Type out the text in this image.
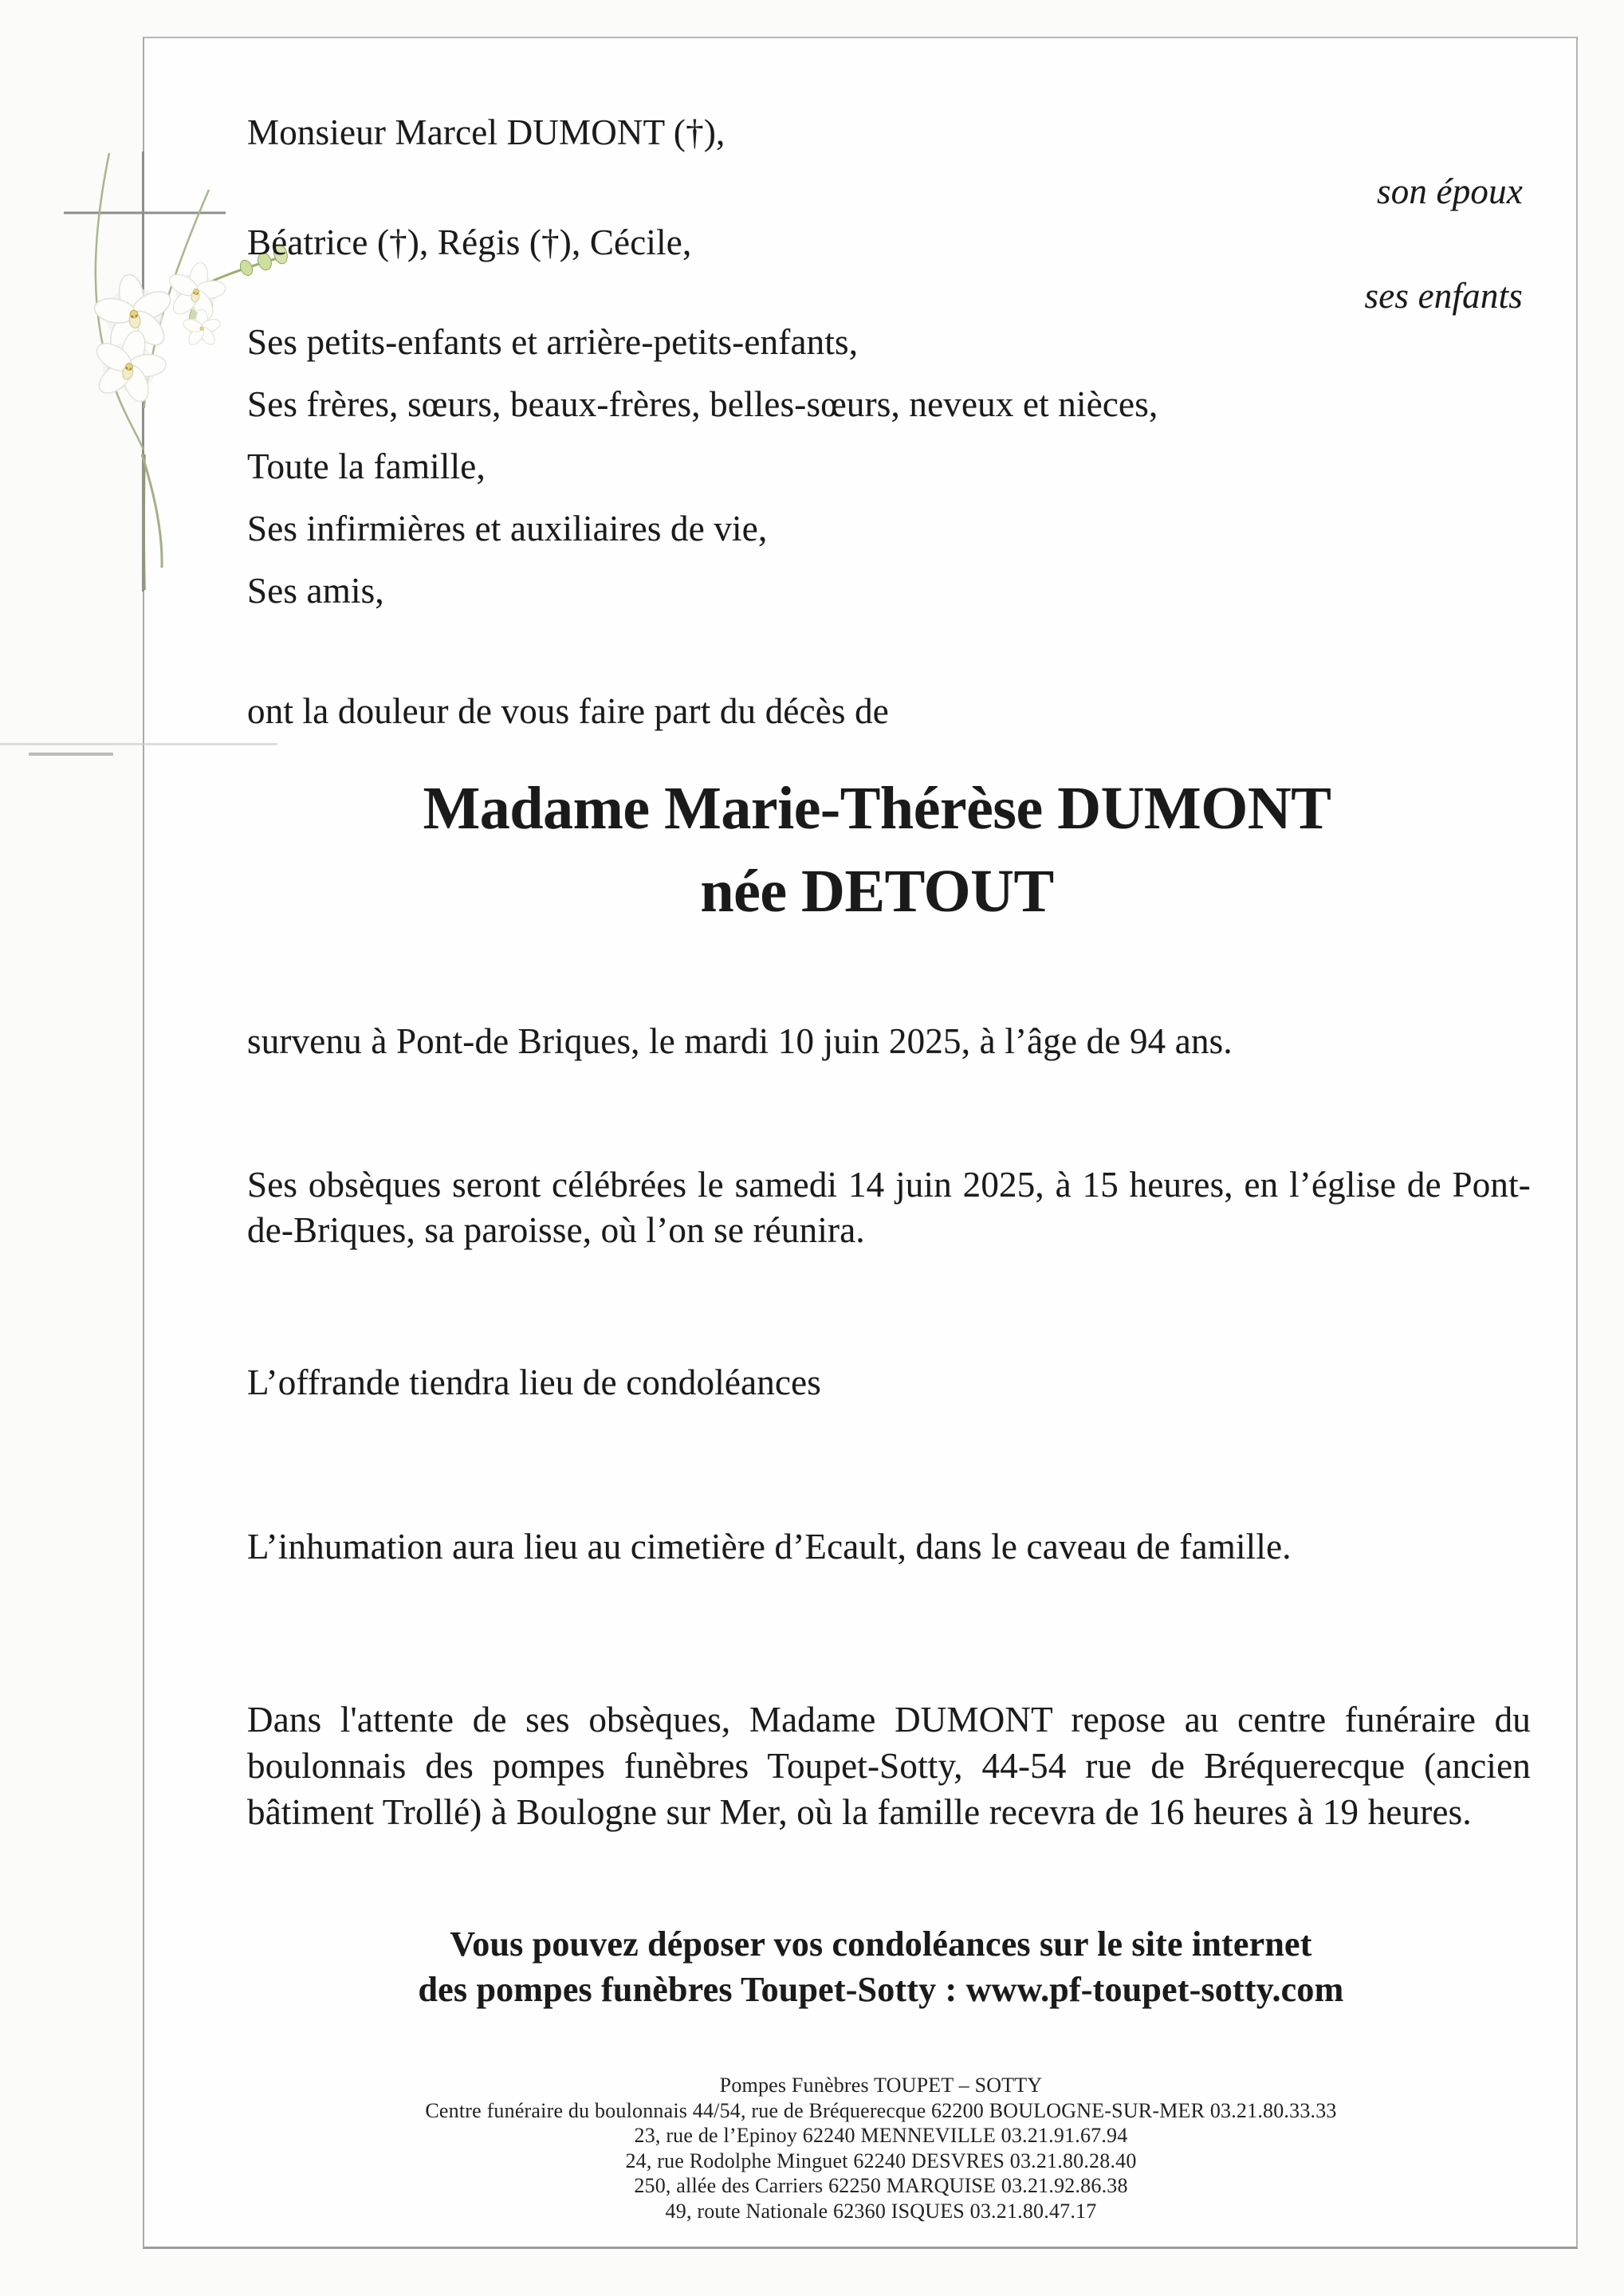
Monsieur Marcel DUMONT (†),
son époux
Béatrice (†), Régis (†), Cécile,
ses enfants
Ses petits-enfants et arrière-petits-enfants,
Ses frères, sœurs, beaux-frères, belles-sœurs, neveux et nièces,
Toute la famille,
Ses infirmières et auxiliaires de vie,
Ses amis,
ont la douleur de vous faire part du décès de
Madame Marie-Thérèse DUMONT
née DETOUT
survenu à Pont-de Briques, le mardi 10 juin 2025, à l’âge de 94 ans.
Ses obsèques seront célébrées le samedi 14 juin 2025, à 15 heures, en l’église de Pont-de-Briques, sa paroisse, où l’on se réunira.
L’offrande tiendra lieu de condoléances
L’inhumation aura lieu au cimetière d’Ecault, dans le caveau de famille.
Dans l'attente de ses obsèques, Madame DUMONT repose au centre funéraire du boulonnais des pompes funèbres Toupet-Sotty, 44-54 rue de Bréquerecque (ancien bâtiment Trollé) à Boulogne sur Mer, où la famille recevra de 16 heures à 19 heures.
Vous pouvez déposer vos condoléances sur le site internet
des pompes funèbres Toupet-Sotty : www.pf-toupet-sotty.com
Pompes Funèbres TOUPET – SOTTY
Centre funéraire du boulonnais 44/54, rue de Bréquerecque 62200 BOULOGNE-SUR-MER 03.21.80.33.33
23, rue de l’Epinoy 62240 MENNEVILLE 03.21.91.67.94
24, rue Rodolphe Minguet 62240 DESVRES 03.21.80.28.40
250, allée des Carriers 62250 MARQUISE 03.21.92.86.38
49, route Nationale 62360 ISQUES 03.21.80.47.17
